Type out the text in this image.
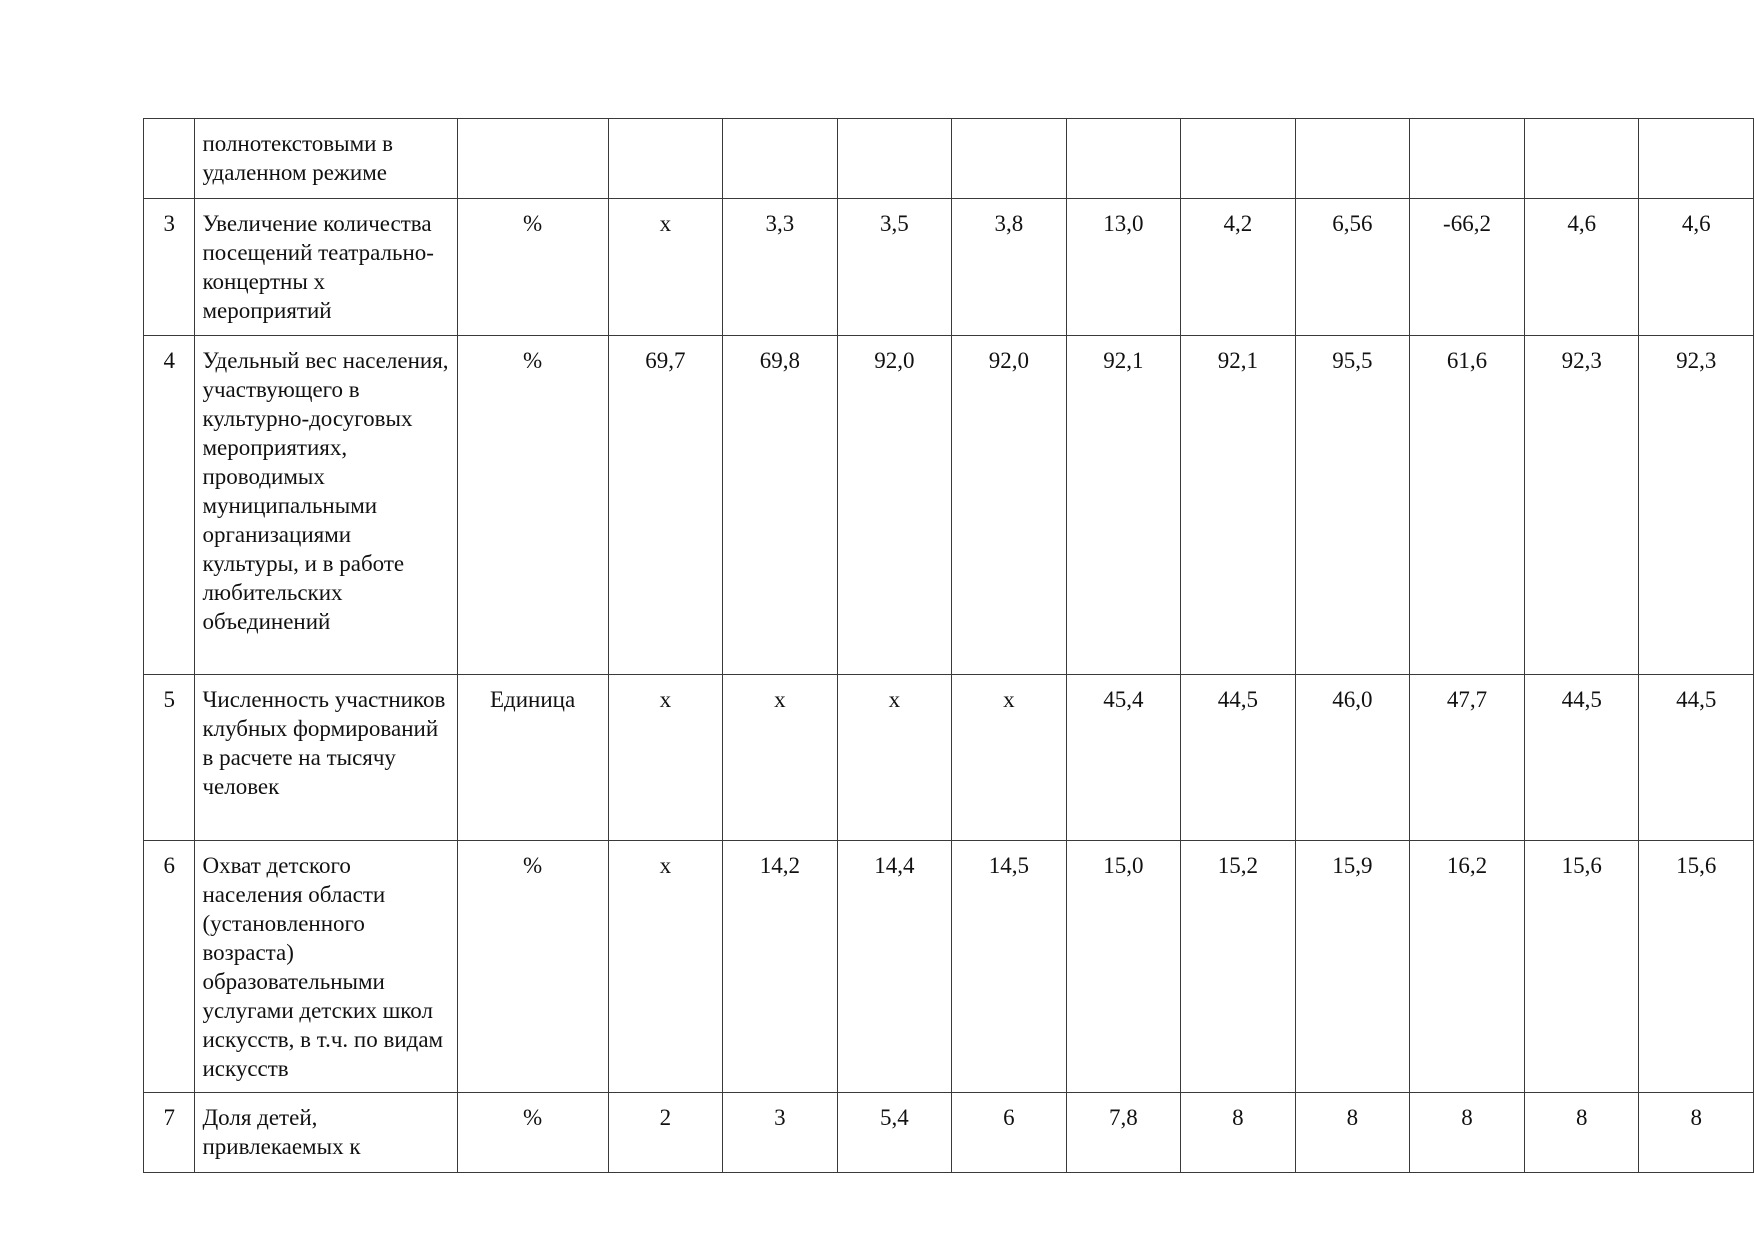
	полнотекстовыми в удаленном режиме											
3	Увеличение количества посещений театрально-концертны х мероприятий	%	x	3,3	3,5	3,8	13,0	4,2	6,56	-66,2	4,6	4,6
4	Удельный вес населения, участвующего в культурно-досуговых мероприятиях, проводимых муниципальными организациями культуры, и в работе любительских объединений	%	69,7	69,8	92,0	92,0	92,1	92,1	95,5	61,6	92,3	92,3
5	Численность участников клубных формирований в расчете на тысячу человек	Единица	x	x	x	x	45,4	44,5	46,0	47,7	44,5	44,5
6	Охват детского населения области (установленного возраста) образовательными услугами детских школ искусств, в т.ч. по видам искусств	%	x	14,2	14,4	14,5	15,0	15,2	15,9	16,2	15,6	15,6
7	Доля детей, привлекаемых к	%	2	3	5,4	6	7,8	8	8	8	8	8
